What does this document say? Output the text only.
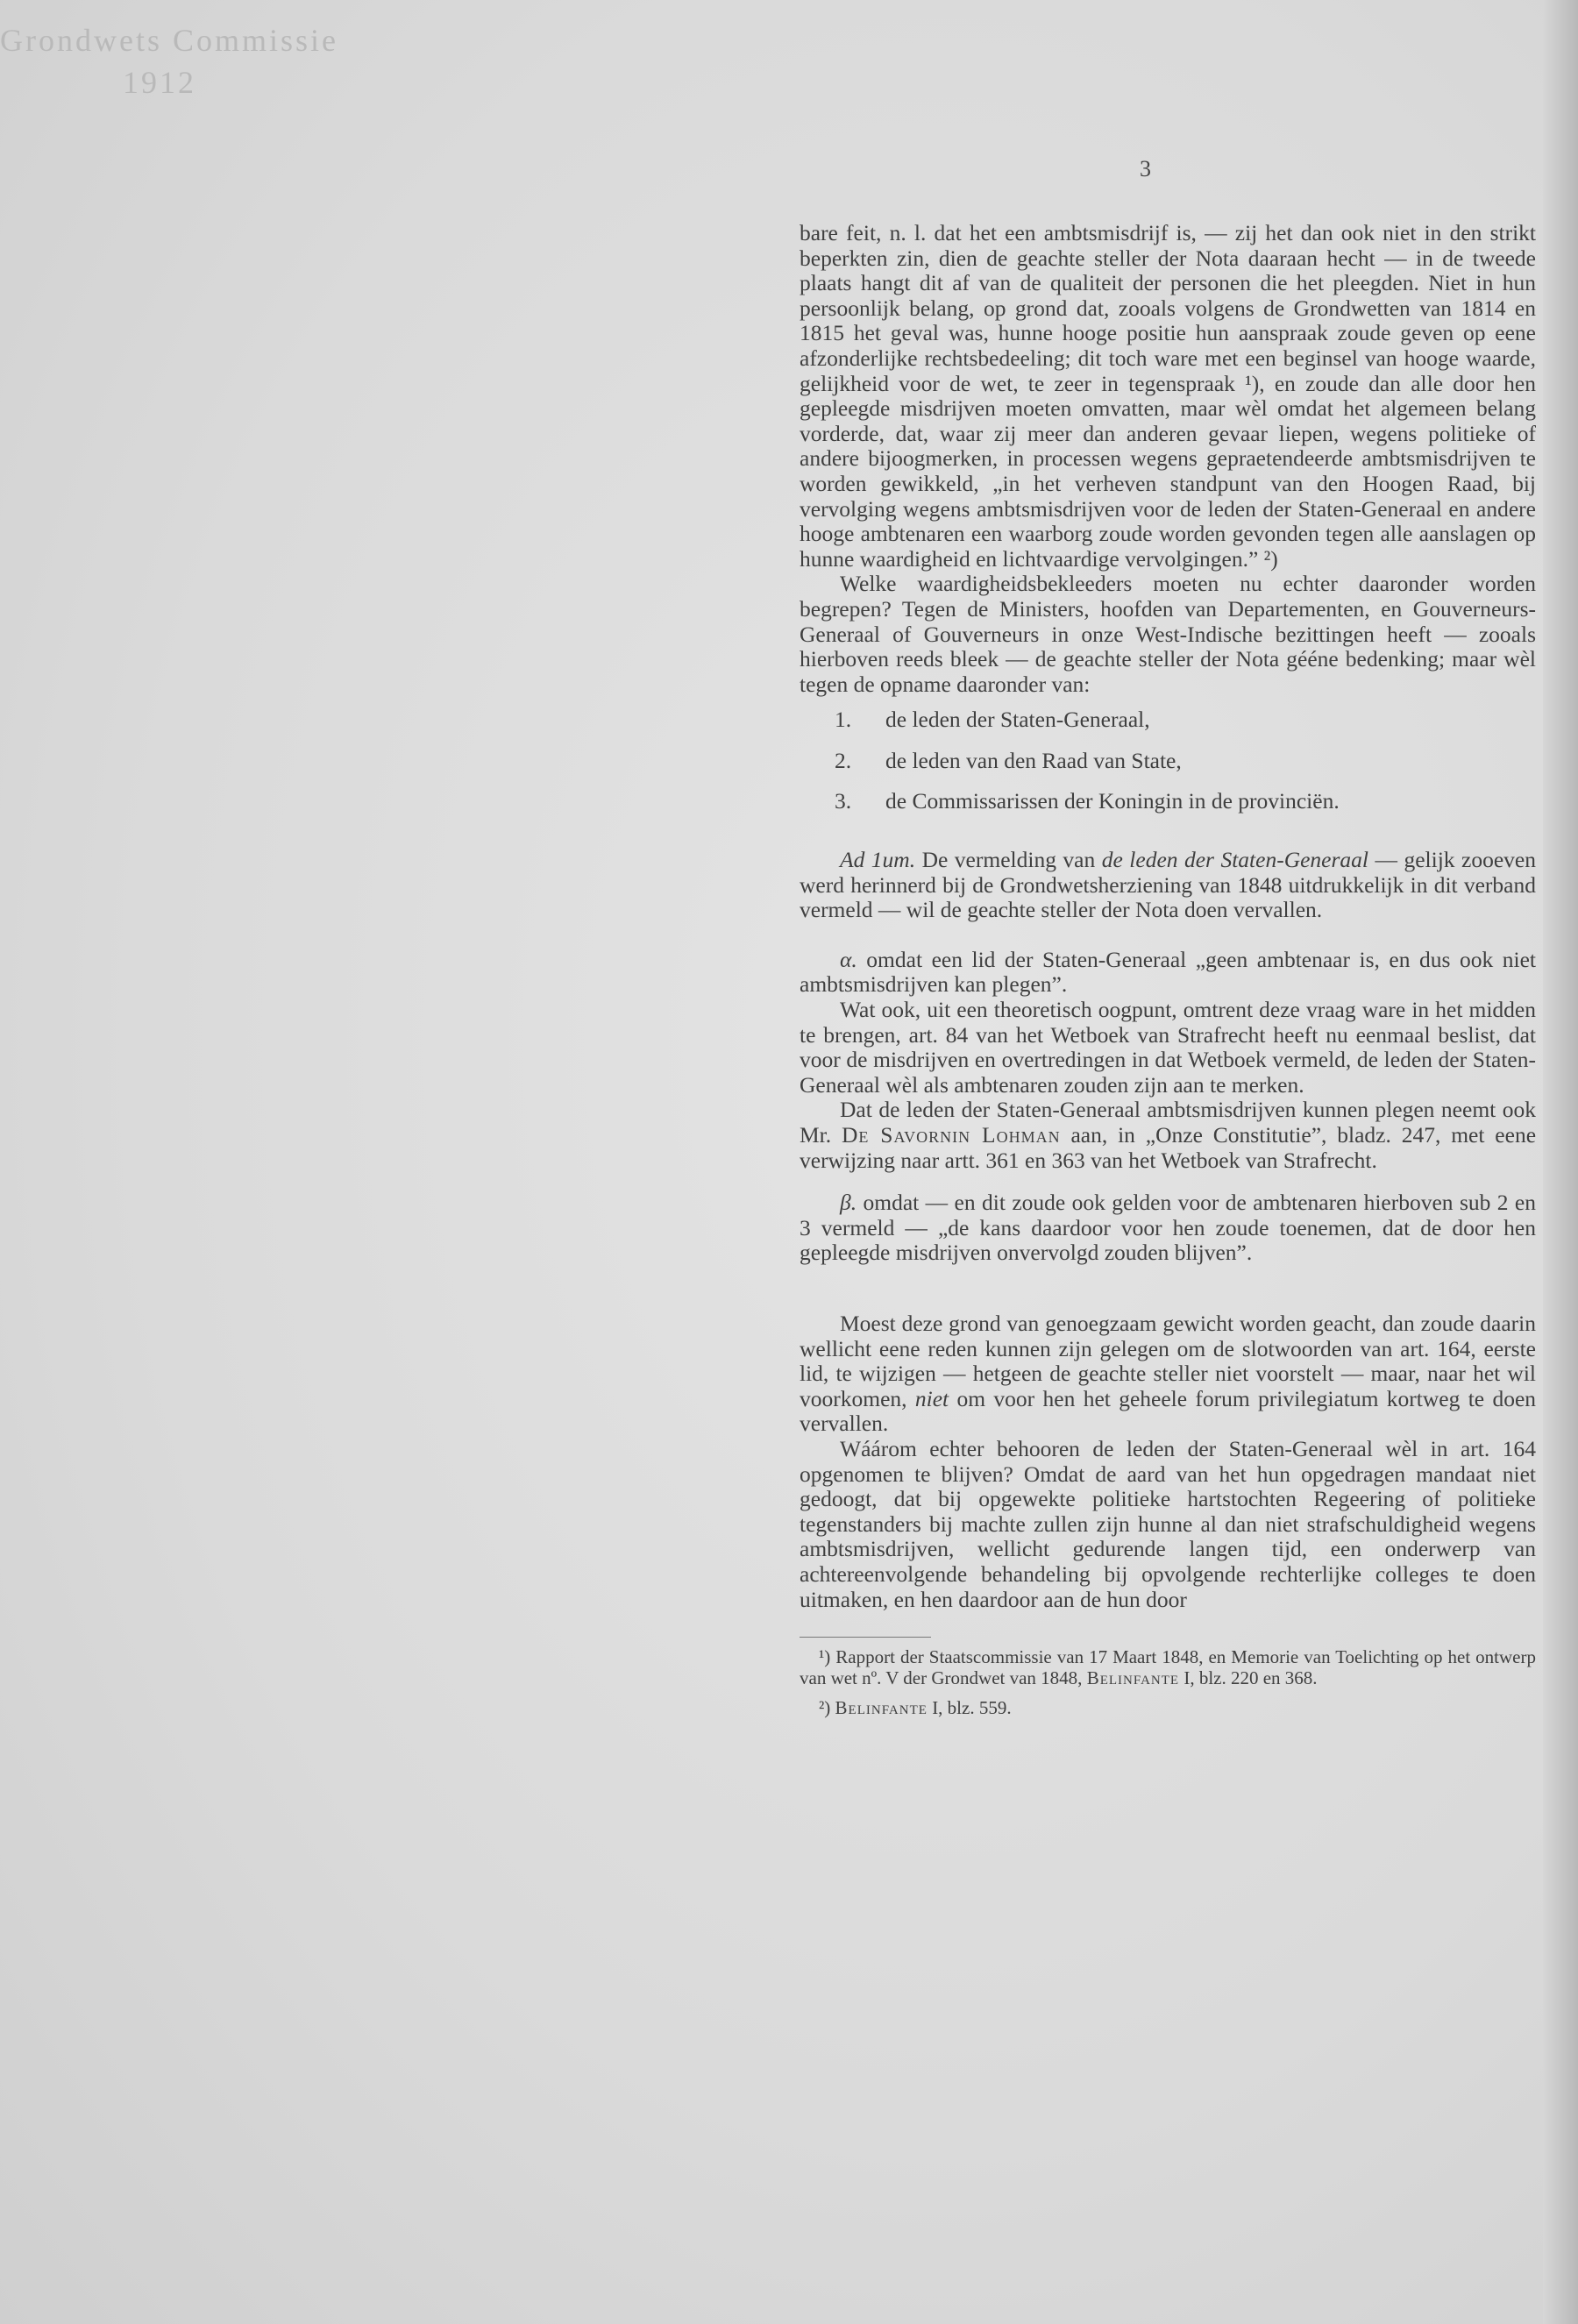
Grondwets Commissie
1912
3

bare feit, n. l. dat het een ambtsmisdrijf is, — zij het dan ook niet in den strikt beperkten zin, dien de geachte steller der Nota daaraan hecht — in de tweede plaats hangt dit af van de qualiteit der personen die het pleegden. Niet in hun persoonlijk belang, op grond dat, zooals volgens de Grondwetten van 1814 en 1815 het geval was, hunne hooge positie hun aanspraak zoude geven op eene afzonderlijke rechtsbedeeling; dit toch ware met een beginsel van hooge waarde, gelijkheid voor de wet, te zeer in tegenspraak ¹), en zoude dan alle door hen gepleegde misdrijven moeten omvatten, maar wèl omdat het algemeen belang vorderde, dat, waar zij meer dan anderen gevaar liepen, wegens politieke of andere bijoogmerken, in processen wegens gepraetendeerde ambtsmisdrijven te worden gewikkeld, „in het verheven standpunt van den Hoogen Raad, bij vervolging wegens ambtsmisdrijven voor de leden der Staten-Generaal en andere hooge ambtenaren een waarborg zoude worden gevonden tegen alle aanslagen op hunne waardigheid en lichtvaardige vervolgingen.” ²)

Welke waardigheidsbekleeders moeten nu echter daaronder worden begrepen? Tegen de Ministers, hoofden van Departementen, en Gouverneurs-Generaal of Gouverneurs in onze West-Indische bezittingen heeft — zooals hierboven reeds bleek — de geachte steller der Nota gééne bedenking; maar wèl tegen de opname daaronder van:

1.	de leden der Staten-Generaal,
2.	de leden van den Raad van State,
3.	de Commissarissen der Koningin in de provinciën.

Ad 1um. De vermelding van de leden der Staten-Generaal — gelijk zooeven werd herinnerd bij de Grondwetsherziening van 1848 uitdrukkelijk in dit verband vermeld — wil de geachte steller der Nota doen vervallen.

α. omdat een lid der Staten-Generaal „geen ambtenaar is, en dus ook niet ambtsmisdrijven kan plegen”.

Wat ook, uit een theoretisch oogpunt, omtrent deze vraag ware in het midden te brengen, art. 84 van het Wetboek van Strafrecht heeft nu eenmaal beslist, dat voor de misdrijven en overtredingen in dat Wetboek vermeld, de leden der Staten-Generaal wèl als ambtenaren zouden zijn aan te merken.

Dat de leden der Staten-Generaal ambtsmisdrijven kunnen plegen neemt ook Mr. De Savornin Lohman aan, in „Onze Constitutie”, bladz. 247, met eene verwijzing naar artt. 361 en 363 van het Wetboek van Strafrecht.

β. omdat — en dit zoude ook gelden voor de ambtenaren hierboven sub 2 en 3 vermeld — „de kans daardoor voor hen zoude toenemen, dat de door hen gepleegde misdrijven onvervolgd zouden blijven”.

Moest deze grond van genoegzaam gewicht worden geacht, dan zoude daarin wellicht eene reden kunnen zijn gelegen om de slotwoorden van art. 164, eerste lid, te wijzigen — hetgeen de geachte steller niet voorstelt — maar, naar het wil voorkomen, niet om voor hen het geheele forum privilegiatum kortweg te doen vervallen.

Wáárom echter behooren de leden der Staten-Generaal wèl in art. 164 opgenomen te blijven? Omdat de aard van het hun opgedragen mandaat niet gedoogt, dat bij opgewekte politieke hartstochten Regeering of politieke tegenstanders bij machte zullen zijn hunne al dan niet strafschuldigheid wegens ambtsmisdrijven, wellicht gedurende langen tijd, een onderwerp van achtereenvolgende behandeling bij opvolgende rechterlijke colleges te doen uitmaken, en hen daardoor aan de hun door

¹) Rapport der Staatscommissie van 17 Maart 1848, en Memorie van Toelichting op het ontwerp van wet nº. V der Grondwet van 1848, Belinfante I, blz. 220 en 368.

²) Belinfante I, blz. 559.
